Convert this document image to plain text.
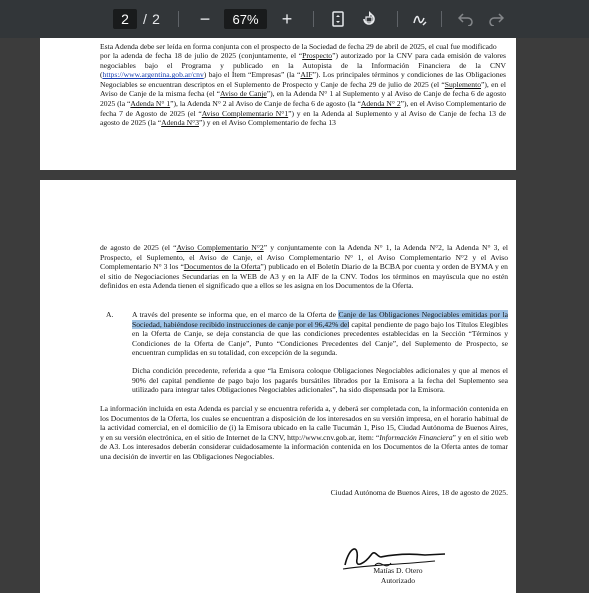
2	/ 2	−	67%	+

Esta Adenda debe ser leída en forma conjunta con el prospecto de la Sociedad de fecha 29 de abril de 2025, el cual fue modificado

por la adenda de fecha 18 de julio de 2025 (conjuntamente, el “Prospecto”) autorizado por la CNV para cada emisión de valores negociables bajo el Programa y publicado en la Autopista de la Información Financiera de la CNV (https://www.argentina.gob.ar/cnv) bajo el Ítem “Empresas” (la “AIF”). Los principales términos y condiciones de las Obligaciones Negociables se encuentran descriptos en el Suplemento de Prospecto y Canje de fecha 29 de julio de 2025 (el “Suplemento”), en el Aviso de Canje de la misma fecha (el “Aviso de Canje”), en la Adenda N° 1 al Suplemento y al Aviso de Canje de fecha 6 de agosto 2025 (la “Adenda N° 1”), la Adenda N° 2 al Aviso de Canje de fecha 6 de agosto (la “Adenda N° 2”), en el Aviso Complementario de fecha 7 de Agosto de 2025 (el “Aviso Complementario N°1”) y en la Adenda al Suplemento y al Aviso de Canje de fecha 13 de agosto de 2025 (la “Adenda N°3”) y en el Aviso Complementario de fecha 13

de agosto de 2025 (el “Aviso Complementario N°2” y conjuntamente con la Adenda N° 1, la Adenda N°2, la Adenda N° 3, el Prospecto, el Suplemento, el Aviso de Canje, el Aviso Complementario N° 1, el Aviso Complementario N°2 y el Aviso Complementario N° 3 los “Documentos de la Oferta”) publicado en el Boletín Diario de la BCBA por cuenta y orden de BYMA y en el sitio de Negociaciones Secundarias en la WEB de A3 y en la AIF de la CNV. Todos los términos en mayúscula que no estén definidos en esta Adenda tienen el significado que a ellos se les asigna en los Documentos de la Oferta.

A. A través del presente se informa que, en el marco de la Oferta de Canje de las Obligaciones Negociables emitidas por la Sociedad, habiéndose recibido instrucciones de canje por el 96,42% del capital pendiente de pago bajo los Títulos Elegibles en la Oferta de Canje, se deja constancia de que las condiciones precedentes establecidas en la Sección “Términos y Condiciones de la Oferta de Canje”, Punto “Condiciones Precedentes del Canje”, del Suplemento de Prospecto, se encuentran cumplidas en su totalidad, con excepción de la segunda.

Dicha condición precedente, referida a que “la Emisora coloque Obligaciones Negociables adicionales y que al menos el 90% del capital pendiente de pago bajo los pagarés bursátiles librados por la Emisora a la fecha del Suplemento sea utilizado para integrar tales Obligaciones Negociables adicionales”, ha sido dispensada por la Emisora.

La información incluida en esta Adenda es parcial y se encuentra referida a, y deberá ser completada con, la información contenida en los Documentos de la Oferta, los cuales se encuentran a disposición de los interesados en su versión impresa, en el horario habitual de la actividad comercial, en el domicilio de (i) la Emisora ubicado en la calle Tucumán 1, Piso 15, Ciudad Autónoma de Buenos Aires, y en su versión electrónica, en el sitio de Internet de la CNV, http://www.cnv.gob.ar, ítem: “Información Financiera” y en el sitio web de A3. Los interesados deberán considerar cuidadosamente la información contenida en los Documentos de la Oferta antes de tomar una decisión de invertir en las Obligaciones Negociables.

Ciudad Autónoma de Buenos Aires, 18 de agosto de 2025.

Matías D. Otero

Autorizado
